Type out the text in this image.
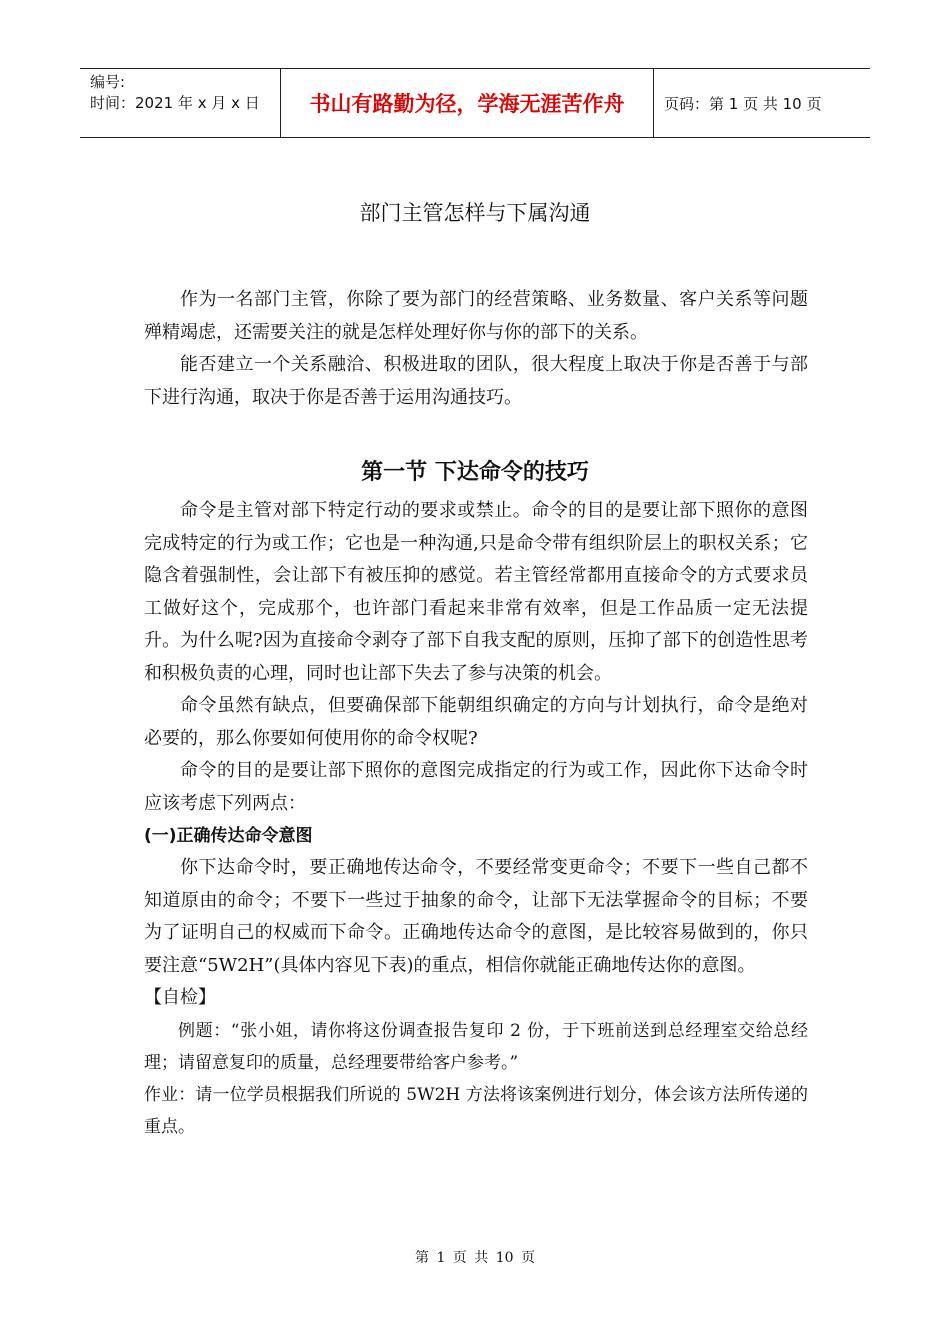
编号:
时间：2021 年 x 月 x 日	书山有路勤为径，学海无涯苦作舟	页码：第 1 页 共 10 页
部门主管怎样与下属沟通

作为一名部门主管，你除了要为部门的经营策略、业务数量、客户关系等问题殚精竭虑，还需要关注的就是怎样处理好你与你的部下的关系。

能否建立一个关系融洽、积极进取的团队，很大程度上取决于你是否善于与部下进行沟通，取决于你是否善于运用沟通技巧。

第一节 下达命令的技巧

命令是主管对部下特定行动的要求或禁止。命令的目的是要让部下照你的意图完成特定的行为或工作；它也是一种沟通,只是命令带有组织阶层上的职权关系；它隐含着强制性，会让部下有被压抑的感觉。若主管经常都用直接命令的方式要求员工做好这个，完成那个，也许部门看起来非常有效率，但是工作品质一定无法提升。为什么呢?因为直接命令剥夺了部下自我支配的原则，压抑了部下的创造性思考和积极负责的心理，同时也让部下失去了参与决策的机会。

命令虽然有缺点，但要确保部下能朝组织确定的方向与计划执行，命令是绝对必要的，那么你要如何使用你的命令权呢?

命令的目的是要让部下照你的意图完成指定的行为或工作，因此你下达命令时应该考虑下列两点：

(一)正确传达命令意图

你下达命令时，要正确地传达命令，不要经常变更命令；不要下一些自己都不知道原由的命令；不要下一些过于抽象的命令，让部下无法掌握命令的目标；不要为了证明自己的权威而下命令。正确地传达命令的意图，是比较容易做到的，你只要注意“5W2H”(具体内容见下表)的重点，相信你就能正确地传达你的意图。

【自检】

例题：“张小姐，请你将这份调查报告复印 2 份，于下班前送到总经理室交给总经理；请留意复印的质量，总经理要带给客户参考。”

作业：请一位学员根据我们所说的 5W2H 方法将该案例进行划分，体会该方法所传递的重点。

第 1 页 共 10 页
